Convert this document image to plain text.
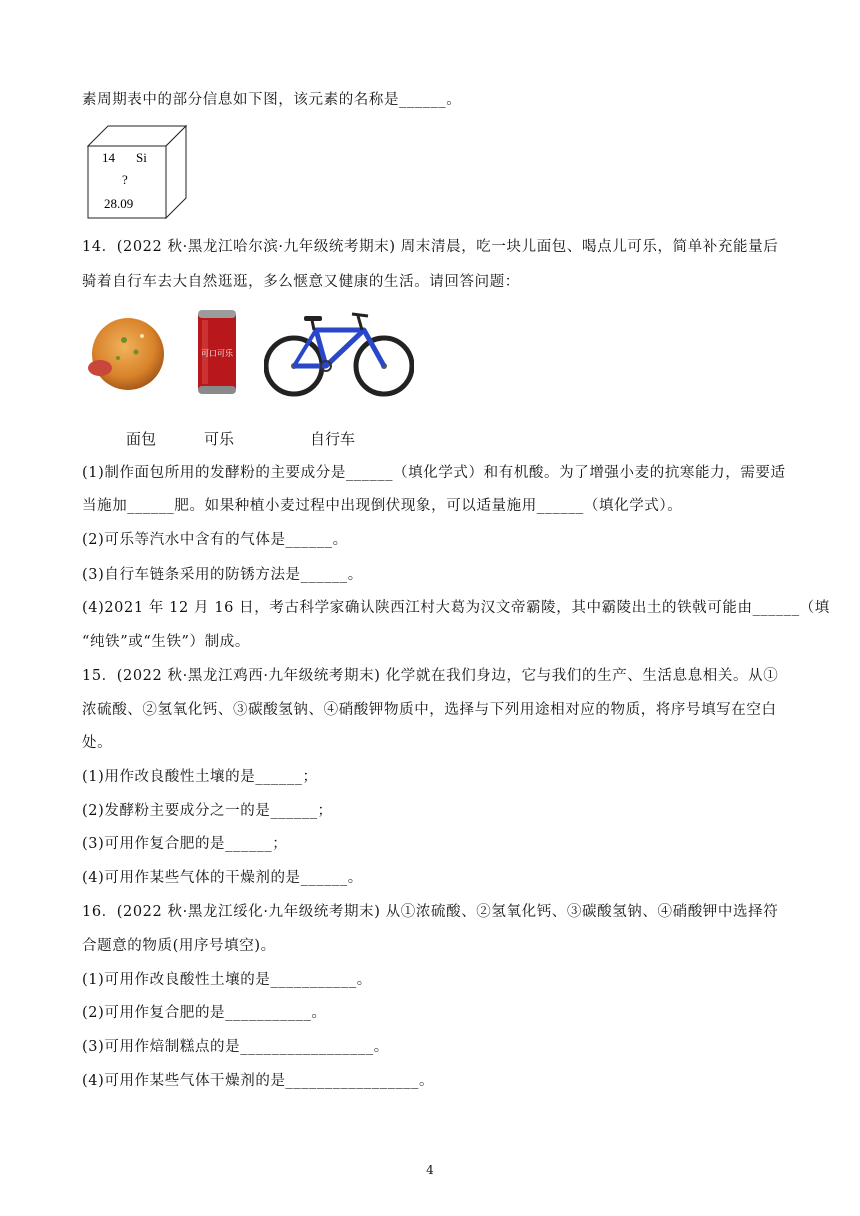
素周期表中的部分信息如下图，该元素的名称是______。
14 Si
?
28.09
14．(2022 秋·黑龙江哈尔滨·九年级统考期末) 周末清晨，吃一块儿面包、喝点儿可乐，简单补充能量后
骑着自行车去大自然逛逛，多么惬意又健康的生活。请回答问题：
可口可乐
面包	可乐	自行车
(1)制作面包所用的发酵粉的主要成分是______（填化学式）和有机酸。为了增强小麦的抗寒能力，需要适
当施加______肥。如果种植小麦过程中出现倒伏现象，可以适量施用______（填化学式）。
(2)可乐等汽水中含有的气体是______。
(3)自行车链条采用的防锈方法是______。
(4)2021 年 12 月 16 日，考古科学家确认陕西江村大葛为汉文帝霸陵，其中霸陵出土的铁戟可能由______（填
“纯铁”或“生铁”）制成。
15．(2022 秋·黑龙江鸡西·九年级统考期末) 化学就在我们身边，它与我们的生产、生活息息相关。从①
浓硫酸、②氢氧化钙、③碳酸氢钠、④硝酸钾物质中，选择与下列用途相对应的物质，将序号填写在空白
处。
(1)用作改良酸性土壤的是______；
(2)发酵粉主要成分之一的是______；
(3)可用作复合肥的是______；
(4)可用作某些气体的干燥剂的是______。
16．(2022 秋·黑龙江绥化·九年级统考期末) 从①浓硫酸、②氢氧化钙、③碳酸氢钠、④硝酸钾中选择符
合题意的物质(用序号填空)。
(1)可用作改良酸性土壤的是___________。
(2)可用作复合肥的是___________。
(3)可用作焙制糕点的是_________________。
(4)可用作某些气体干燥剂的是_________________。
4
